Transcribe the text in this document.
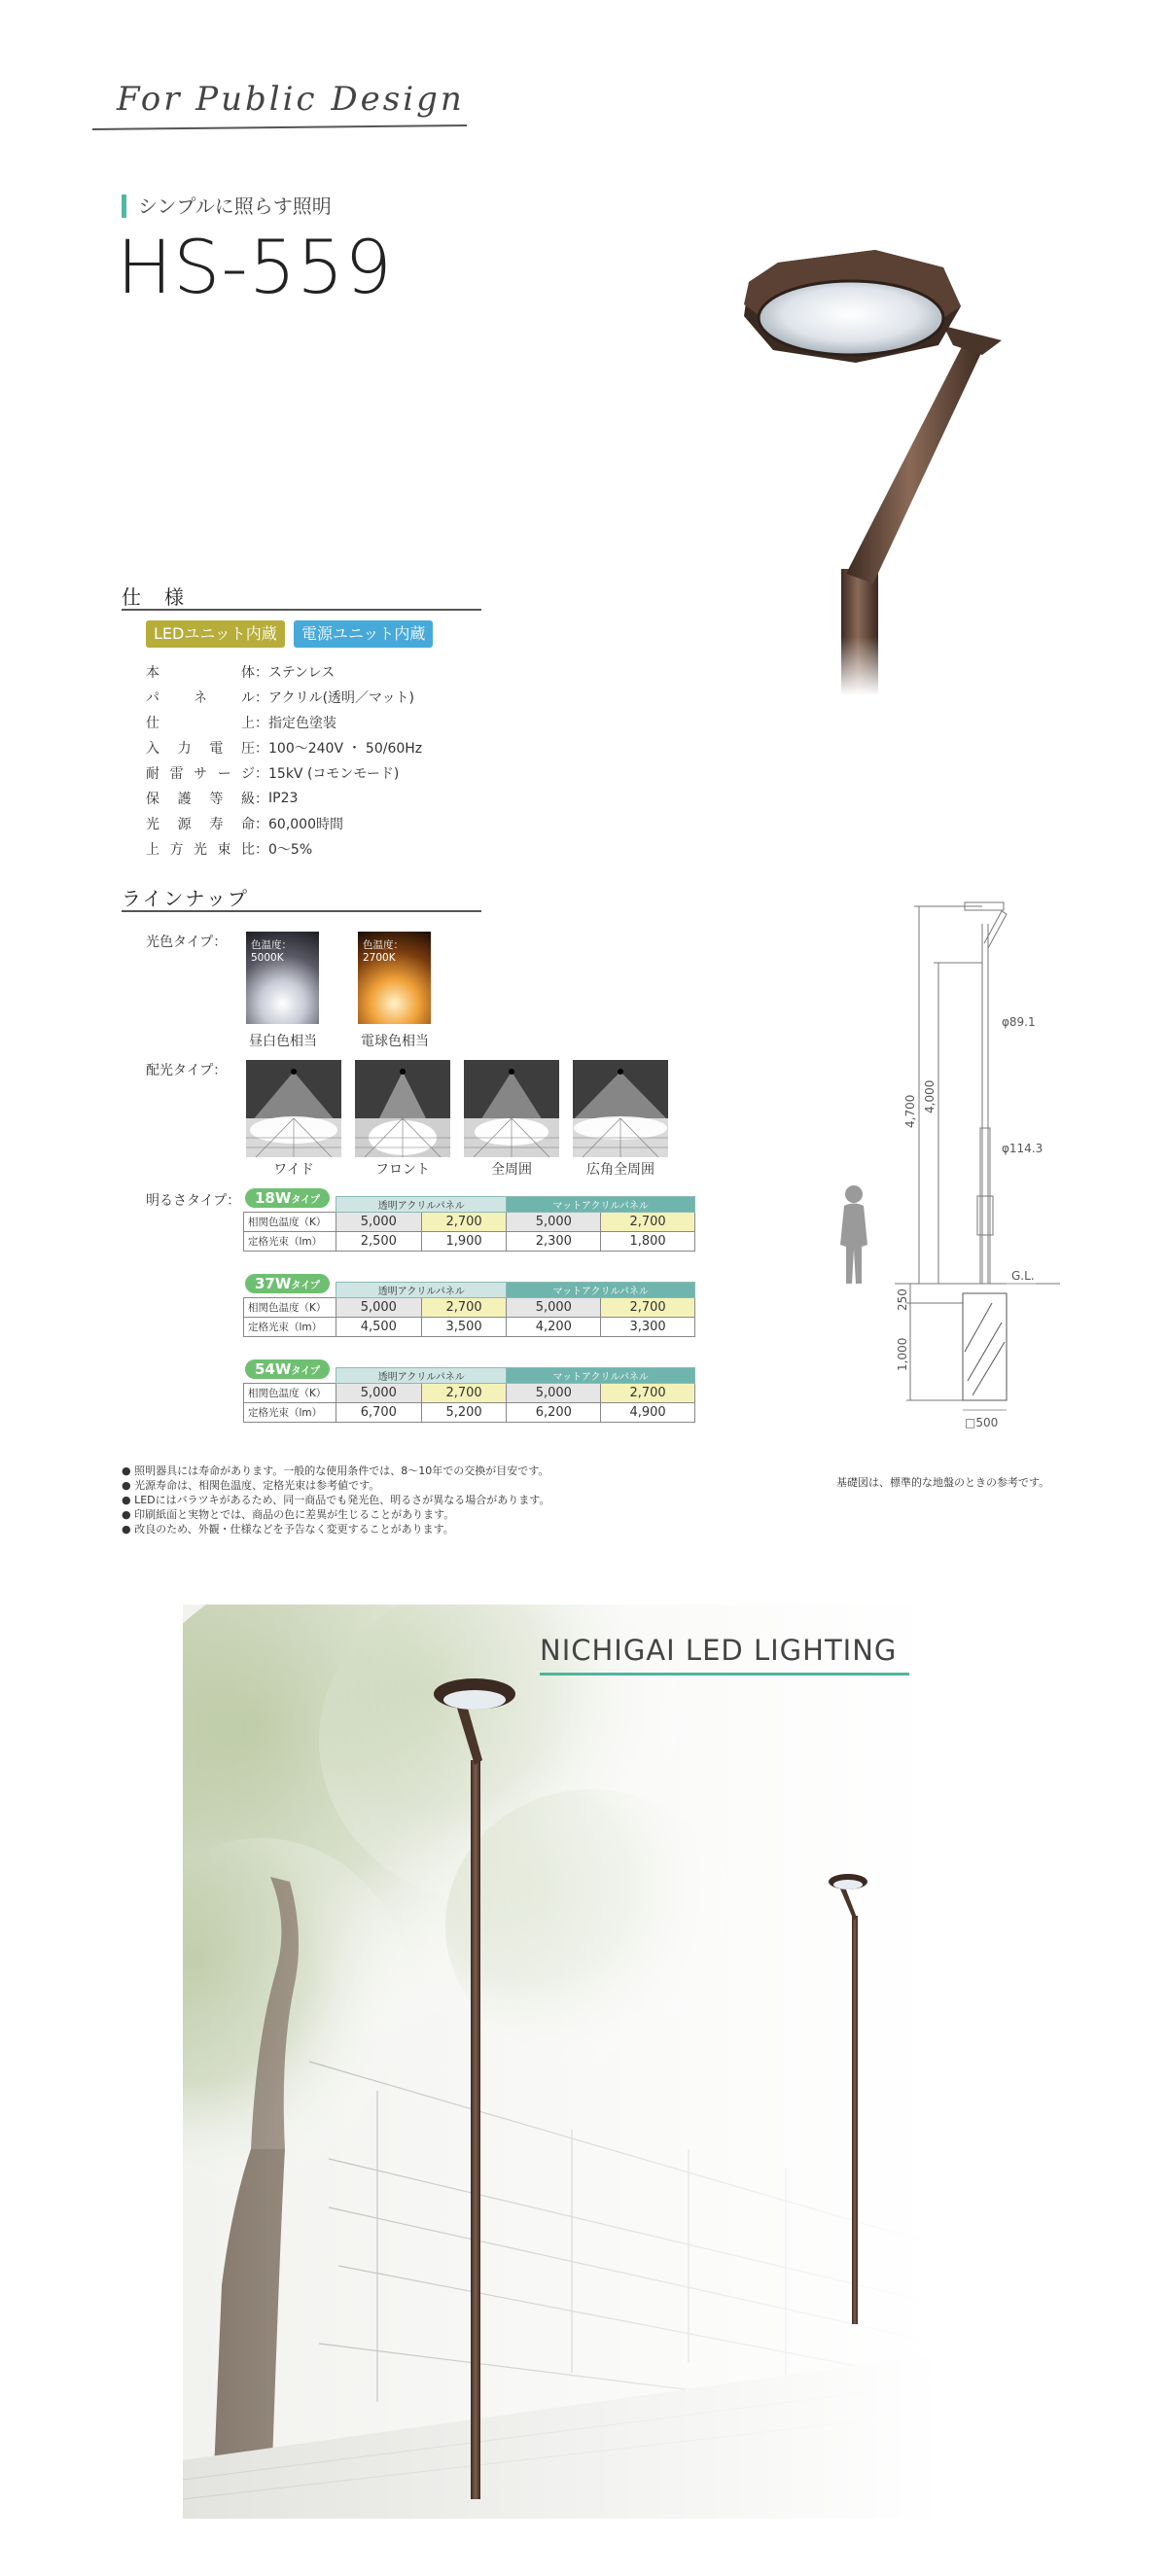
For Public Design
シンプルに照らす照明
HS-559
仕　様
LEDユニット内蔵	電源ユニット内蔵
本体	：	ステンレス
パネル	：	アクリル(透明／マット)
仕上	：	指定色塗装
入力電圧	：	100〜240V ・ 50/60Hz
耐雷サージ	：	15kV (コモンモード)
保護等級	：	IP23
光源寿命	：	60,000時間
上方光束比	：	0〜5%
ラインナップ
光色タイプ： 色温度：5000K
色温度：2700K
昼白色相当	電球色相当
配光タイプ：
ワイド	フロント	全周囲	広角全周囲
明るさタイプ： 18Wタイプ
	透明アクリルパネル		マットアクリルパネル	
相関色温度（K）	5,000	2,700	5,000	2,700
定格光束（lm）	2,500	1,900	2,300	1,800
37Wタイプ
	透明アクリルパネル		マットアクリルパネル	
相関色温度（K）	5,000	2,700	5,000	2,700
定格光束（lm）	4,500	3,500	4,200	3,300
54Wタイプ
	透明アクリルパネル		マットアクリルパネル	
相関色温度（K）	5,000	2,700	5,000	2,700
定格光束（lm）	6,700	5,200	6,200	4,900
φ89.1
φ114.3
4,700 4,000
G.L.
250
1,000
□500
● 照明器具には寿命があります。一般的な使用条件では、8〜10年での交換が目安です。
● 光源寿命は、相関色温度、定格光束は参考値です。
● LEDにはバラツキがあるため、同一商品でも発光色、明るさが異なる場合があります。
● 印刷紙面と実物とでは、商品の色に差異が生じることがあります。
● 改良のため、外観・仕様などを予告なく変更することがあります。
基礎図は、標準的な地盤のときの参考です。
NICHIGAI LED LIGHTING
